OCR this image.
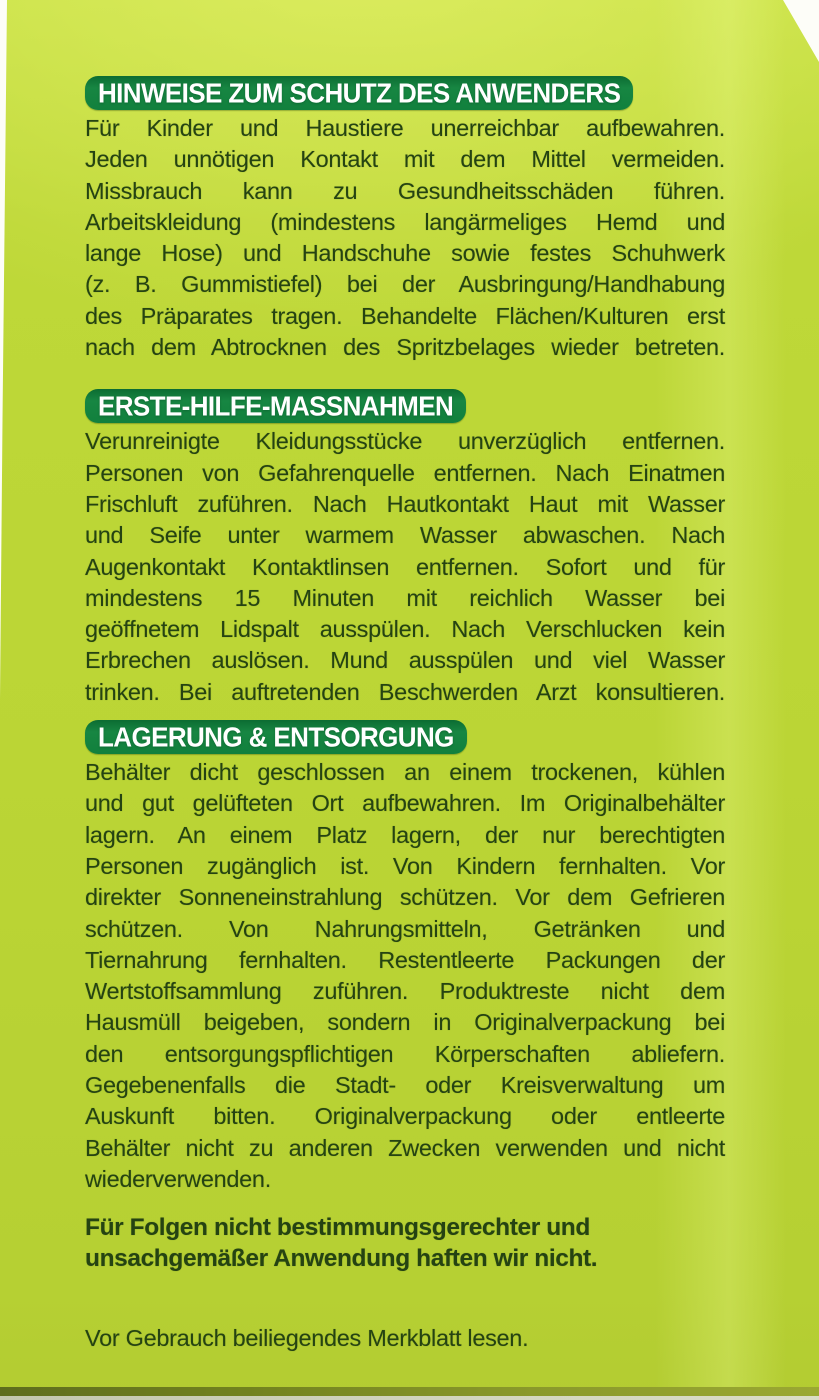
HINWEISE ZUM SCHUTZ DES ANWENDERS
Für Kinder und Haustiere unerreichbar aufbewahren.
Jeden unnötigen Kontakt mit dem Mittel vermeiden.
Missbrauch kann zu Gesundheitsschäden führen.
Arbeitskleidung (mindestens langärmeliges Hemd und
lange Hose) und Handschuhe sowie festes Schuhwerk
(z. B. Gummistiefel) bei der Ausbringung/Handhabung
des Präparates tragen. Behandelte Flächen/Kulturen erst
nach dem Abtrocknen des Spritzbelages wieder betreten.
ERSTE-HILFE-MASSNAHMEN
Verunreinigte Kleidungsstücke unverzüglich entfernen.
Personen von Gefahrenquelle entfernen. Nach Einatmen
Frischluft zuführen. Nach Hautkontakt Haut mit Wasser
und Seife unter warmem Wasser abwaschen. Nach
Augenkontakt Kontaktlinsen entfernen. Sofort und für
mindestens 15 Minuten mit reichlich Wasser bei
geöffnetem Lidspalt ausspülen. Nach Verschlucken kein
Erbrechen auslösen. Mund ausspülen und viel Wasser
trinken. Bei auftretenden Beschwerden Arzt konsultieren.
LAGERUNG & ENTSORGUNG
Behälter dicht geschlossen an einem trockenen, kühlen
und gut gelüfteten Ort aufbewahren. Im Originalbehälter
lagern. An einem Platz lagern, der nur berechtigten
Personen zugänglich ist. Von Kindern fernhalten. Vor
direkter Sonneneinstrahlung schützen. Vor dem Gefrieren
schützen. Von Nahrungsmitteln, Getränken und
Tiernahrung fernhalten. Restentleerte Packungen der
Wertstoffsammlung zuführen. Produktreste nicht dem
Hausmüll beigeben, sondern in Originalverpackung bei
den entsorgungspflichtigen Körperschaften abliefern.
Gegebenenfalls die Stadt- oder Kreisverwaltung um
Auskunft bitten. Originalverpackung oder entleerte
Behälter nicht zu anderen Zwecken verwenden und nicht
wiederverwenden.
Für Folgen nicht bestimmungsgerechter und
unsachgemäßer Anwendung haften wir nicht.
Vor Gebrauch beiliegendes Merkblatt lesen.
